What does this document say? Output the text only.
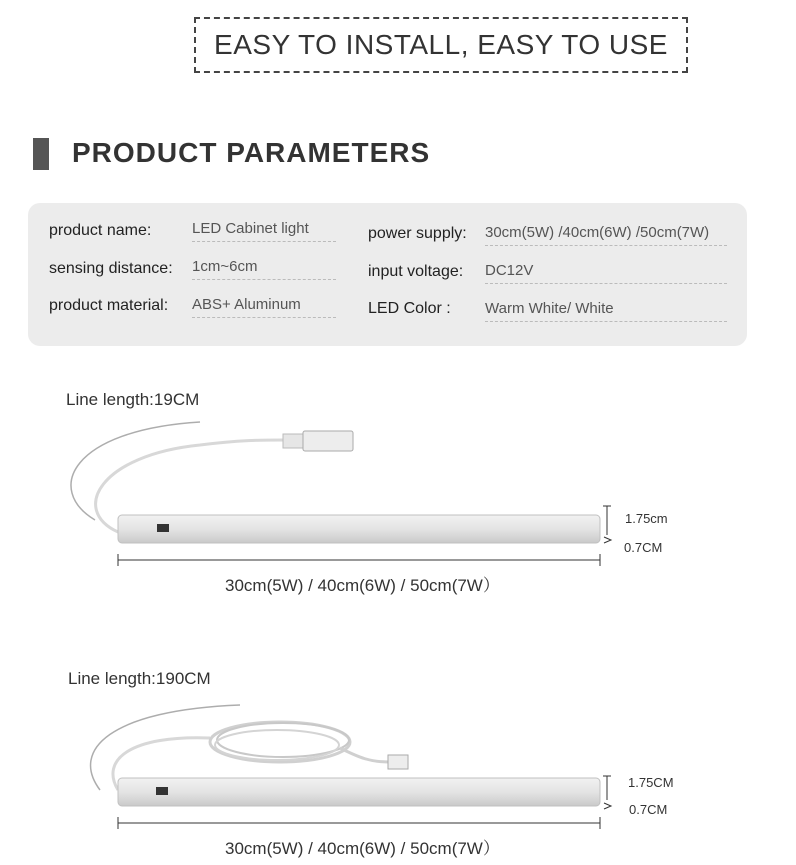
EASY TO INSTALL, EASY TO USE
PRODUCT PARAMETERS
product name:	LED Cabinet light
sensing distance: 1cm~6cm
product material: ABS+ Aluminum
power supply: 30cm(5W) /40cm(6W) /50cm(7W)
input voltage: DC12V
LED Color : Warm White/ White
Line length:19CM
1.75cm
0.7CM
30cm(5W) / 40cm(6W) / 50cm(7W）
Line length:190CM
1.75CM
0.7CM
30cm(5W) / 40cm(6W) / 50cm(7W）
